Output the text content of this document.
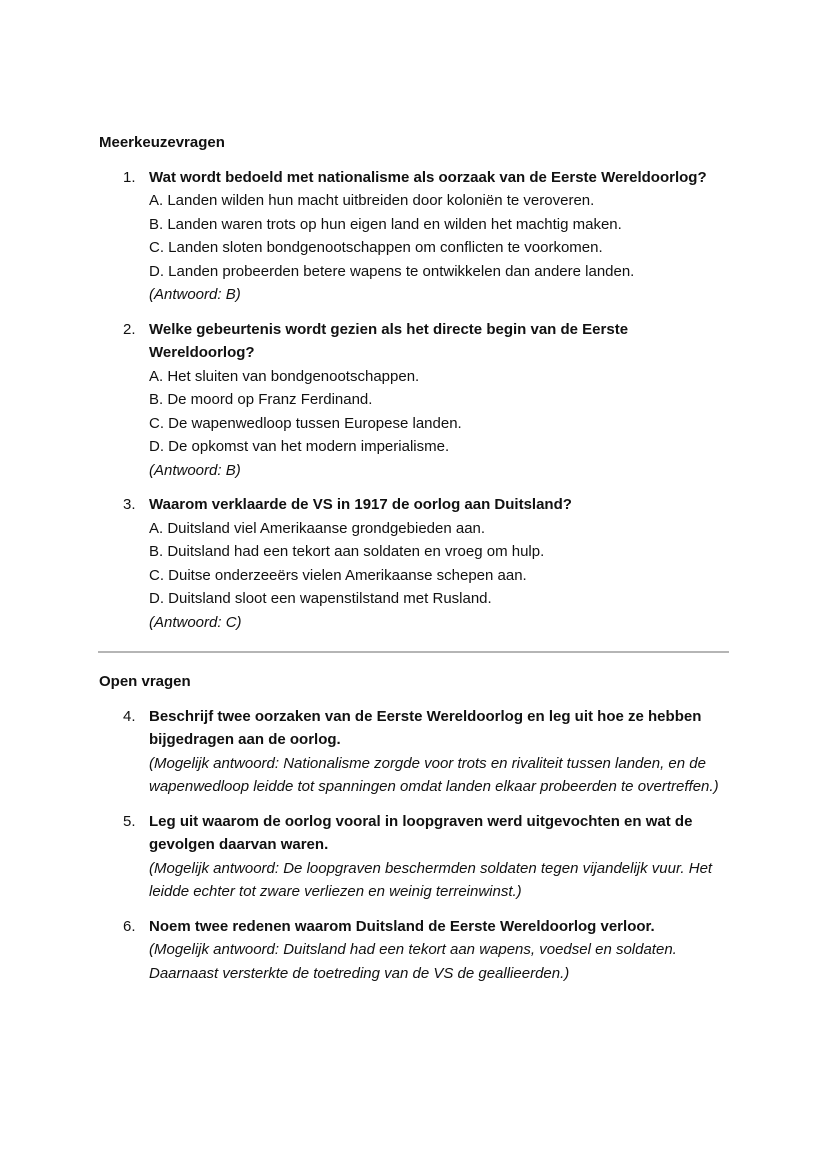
Meerkeuzevragen
1. Wat wordt bedoeld met nationalisme als oorzaak van de Eerste Wereldoorlog?
A. Landen wilden hun macht uitbreiden door koloniën te veroveren.
B. Landen waren trots op hun eigen land en wilden het machtig maken.
C. Landen sloten bondgenootschappen om conflicten te voorkomen.
D. Landen probeerden betere wapens te ontwikkelen dan andere landen.
(Antwoord: B)
2. Welke gebeurtenis wordt gezien als het directe begin van de Eerste Wereldoorlog?
A. Het sluiten van bondgenootschappen.
B. De moord op Franz Ferdinand.
C. De wapenwedloop tussen Europese landen.
D. De opkomst van het modern imperialisme.
(Antwoord: B)
3. Waarom verklaarde de VS in 1917 de oorlog aan Duitsland?
A. Duitsland viel Amerikaanse grondgebieden aan.
B. Duitsland had een tekort aan soldaten en vroeg om hulp.
C. Duitse onderzeeërs vielen Amerikaanse schepen aan.
D. Duitsland sloot een wapenstilstand met Rusland.
(Antwoord: C)
Open vragen
4. Beschrijf twee oorzaken van de Eerste Wereldoorlog en leg uit hoe ze hebben bijgedragen aan de oorlog.
(Mogelijk antwoord: Nationalisme zorgde voor trots en rivaliteit tussen landen, en de wapenwedloop leidde tot spanningen omdat landen elkaar probeerden te overtreffen.)
5. Leg uit waarom de oorlog vooral in loopgraven werd uitgevochten en wat de gevolgen daarvan waren.
(Mogelijk antwoord: De loopgraven beschermden soldaten tegen vijandelijk vuur. Het leidde echter tot zware verliezen en weinig terreinwinst.)
6. Noem twee redenen waarom Duitsland de Eerste Wereldoorlog verloor.
(Mogelijk antwoord: Duitsland had een tekort aan wapens, voedsel en soldaten. Daarnaast versterkte de toetreding van de VS de geallieerden.)
